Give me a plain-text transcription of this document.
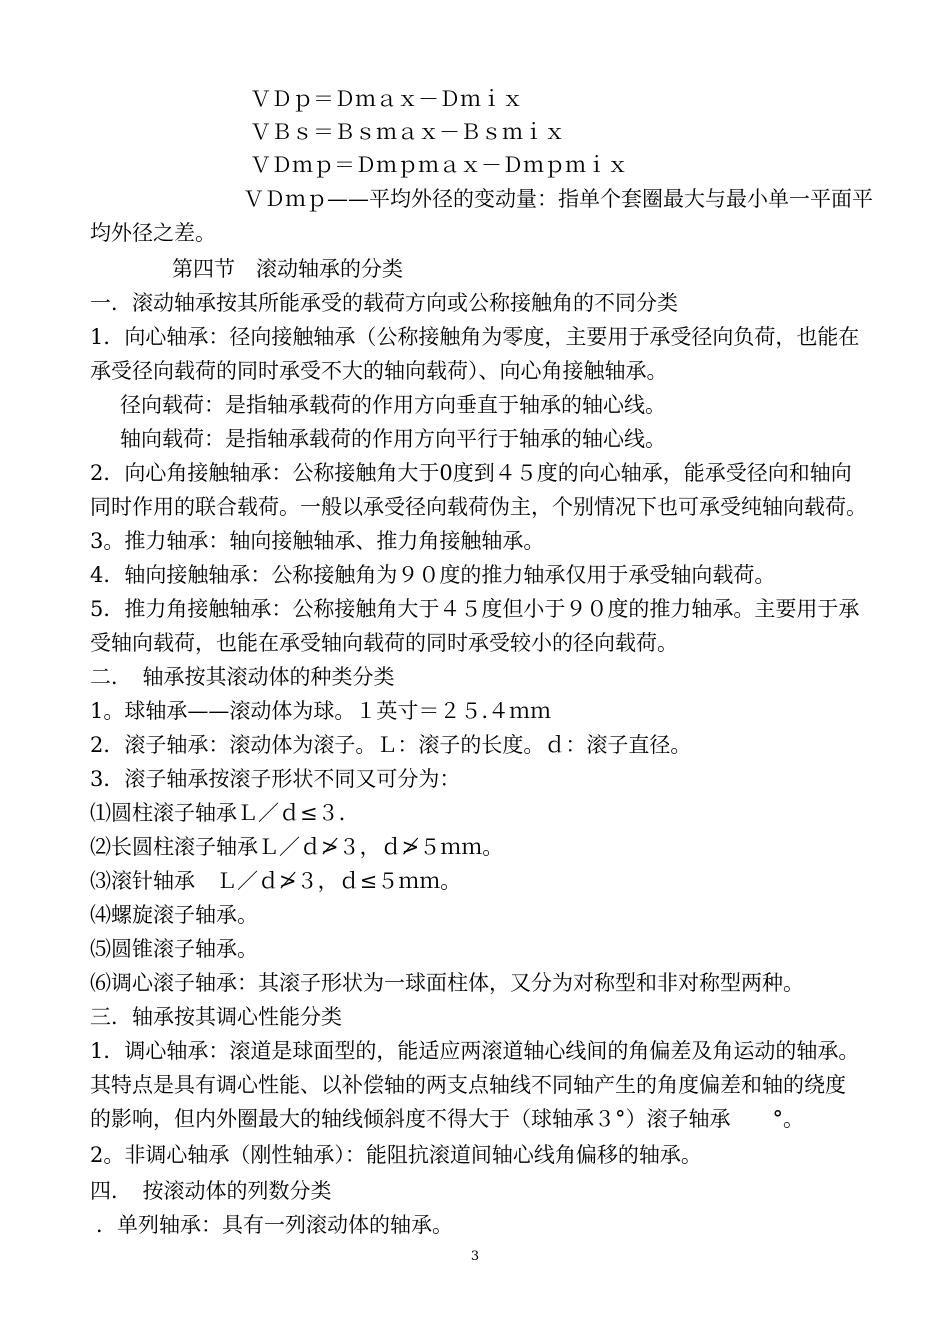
ＶＤｐ＝Ｄｍａｘ－Ｄｍｉｘ
ＶＢｓ＝Ｂｓｍａｘ－Ｂｓｍｉｘ
ＶＤｍｐ＝Ｄｍｐｍａｘ－Ｄｍｐｍｉｘ
ＶＤｍｐ——平均外径的变动量：指单个套圈最大与最小单一平面平
均外径之差。
第四节　滚动轴承的分类
一．滚动轴承按其所能承受的载荷方向或公称接触角的不同分类
1．向心轴承：径向接触轴承（公称接触角为零度，主要用于承受径向负荷，也能在
承受径向载荷的同时承受不大的轴向载荷）、向心角接触轴承。
径向载荷：是指轴承载荷的作用方向垂直于轴承的轴心线。
轴向载荷：是指轴承载荷的作用方向平行于轴承的轴心线。
2．向心角接触轴承：公称接触角大于0度到４５度的向心轴承，能承受径向和轴向
同时作用的联合载荷。一般以承受径向载荷伪主，个别情况下也可承受纯轴向载荷。
3。推力轴承：轴向接触轴承、推力角接触轴承。
4．轴向接触轴承：公称接触角为９０度的推力轴承仅用于承受轴向载荷。
5．推力角接触轴承：公称接触角大于４５度但小于９０度的推力轴承。主要用于承
受轴向载荷，也能在承受轴向载荷的同时承受较小的径向载荷。
二．　轴承按其滚动体的种类分类
1。球轴承——滚动体为球。１英寸＝２５.４ｍｍ
2．滚子轴承：滚动体为滚子。Ｌ：滚子的长度。ｄ：滚子直径。
3．滚子轴承按滚子形状不同又可分为：
⑴圆柱滚子轴承Ｌ／ｄ≤３.
⑵长圆柱滚子轴承Ｌ／ｄ≯３，ｄ≯５ｍｍ。
⑶滚针轴承　Ｌ／ｄ≯３，ｄ≤５ｍｍ。
⑷螺旋滚子轴承。
⑸圆锥滚子轴承。
⑹调心滚子轴承：其滚子形状为一球面柱体，又分为对称型和非对称型两种。
三．轴承按其调心性能分类
1．调心轴承：滚道是球面型的，能适应两滚道轴心线间的角偏差及角运动的轴承。
其特点是具有调心性能、以补偿轴的两支点轴线不同轴产生的角度偏差和轴的绕度
的影响，但内外圈最大的轴线倾斜度不得大于（球轴承３°）滚子轴承　　°。
2。非调心轴承（刚性轴承）：能阻抗滚道间轴心线角偏移的轴承。
四．　按滚动体的列数分类
．单列轴承：具有一列滚动体的轴承。
3
